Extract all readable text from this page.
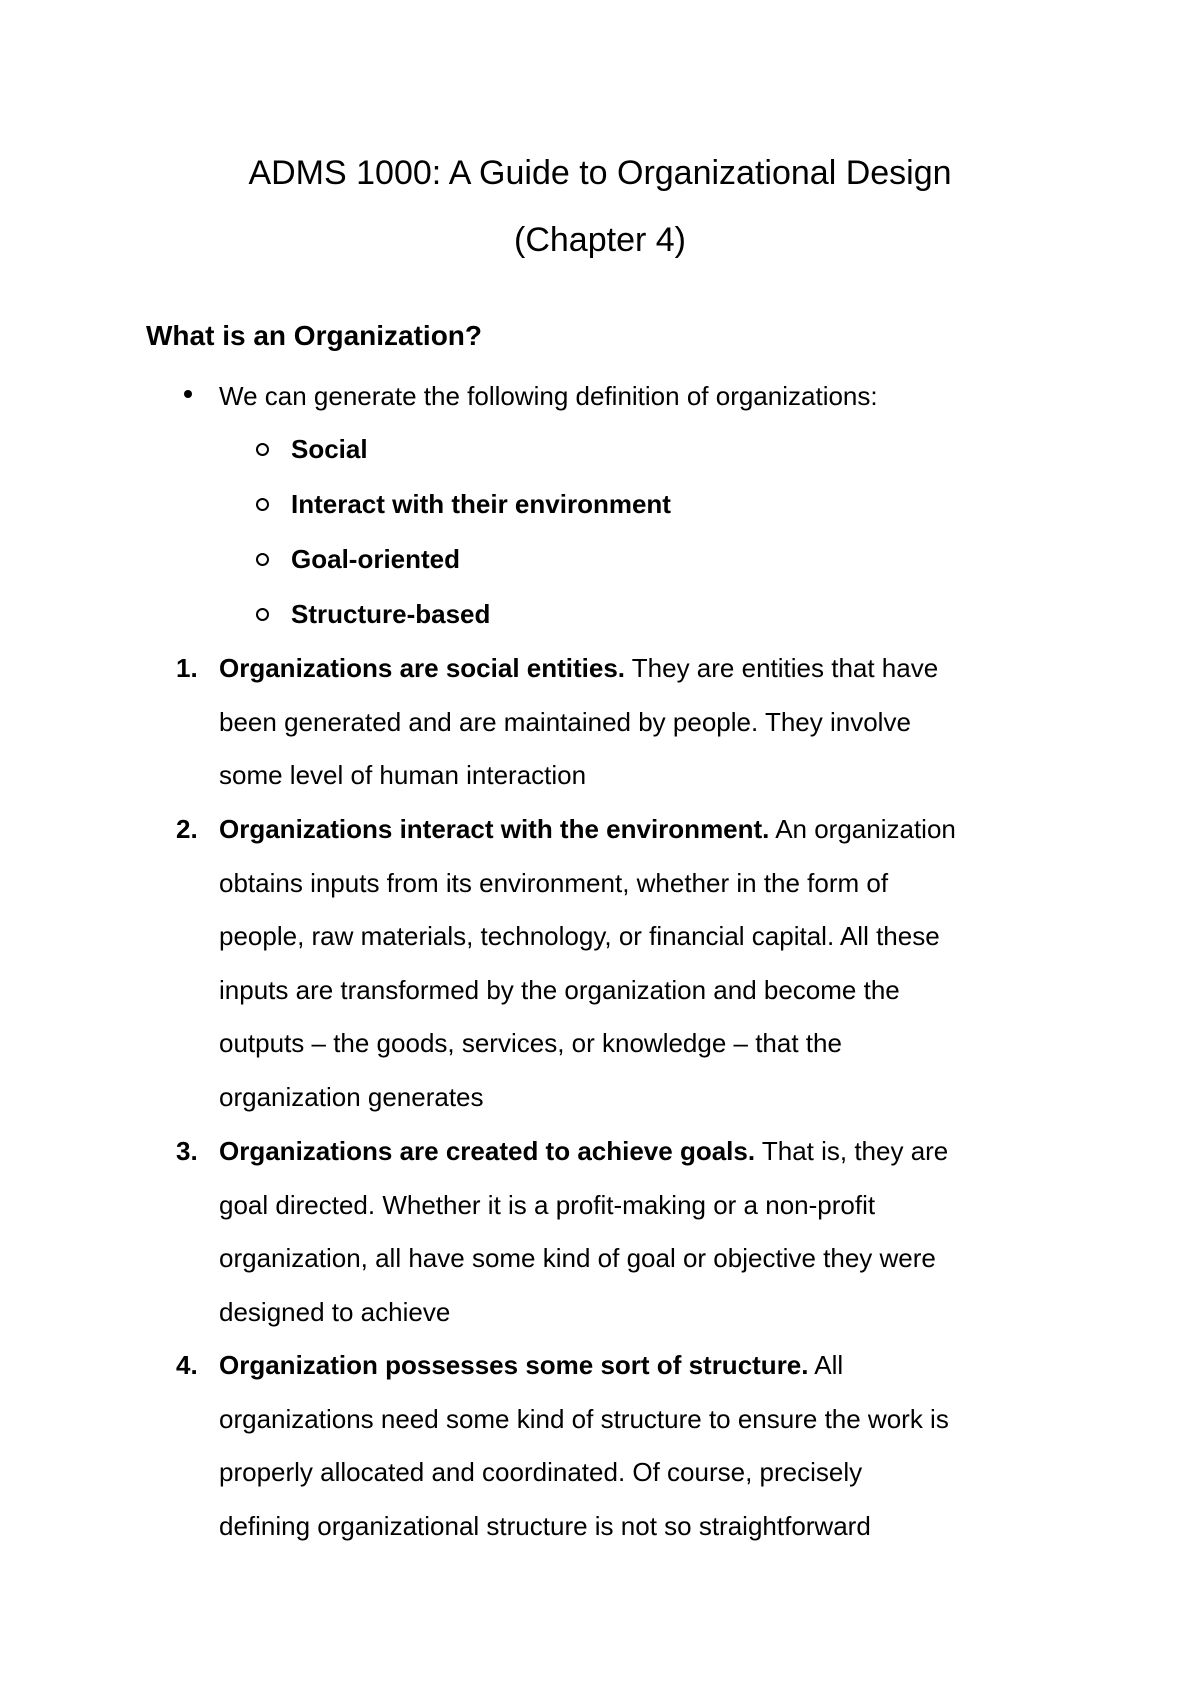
ADMS 1000: A Guide to Organizational Design
(Chapter 4)
What is an Organization?
We can generate the following definition of organizations:
Social
Interact with their environment
Goal-oriented
Structure-based
1. Organizations are social entities. They are entities that have
been generated and are maintained by people. They involve
some level of human interaction
2. Organizations interact with the environment. An organization
obtains inputs from its environment, whether in the form of
people, raw materials, technology, or financial capital. All these
inputs are transformed by the organization and become the
outputs – the goods, services, or knowledge – that the
organization generates
3. Organizations are created to achieve goals. That is, they are
goal directed. Whether it is a profit-making or a non-profit
organization, all have some kind of goal or objective they were
designed to achieve
4. Organization possesses some sort of structure. All
organizations need some kind of structure to ensure the work is
properly allocated and coordinated. Of course, precisely
defining organizational structure is not so straightforward
